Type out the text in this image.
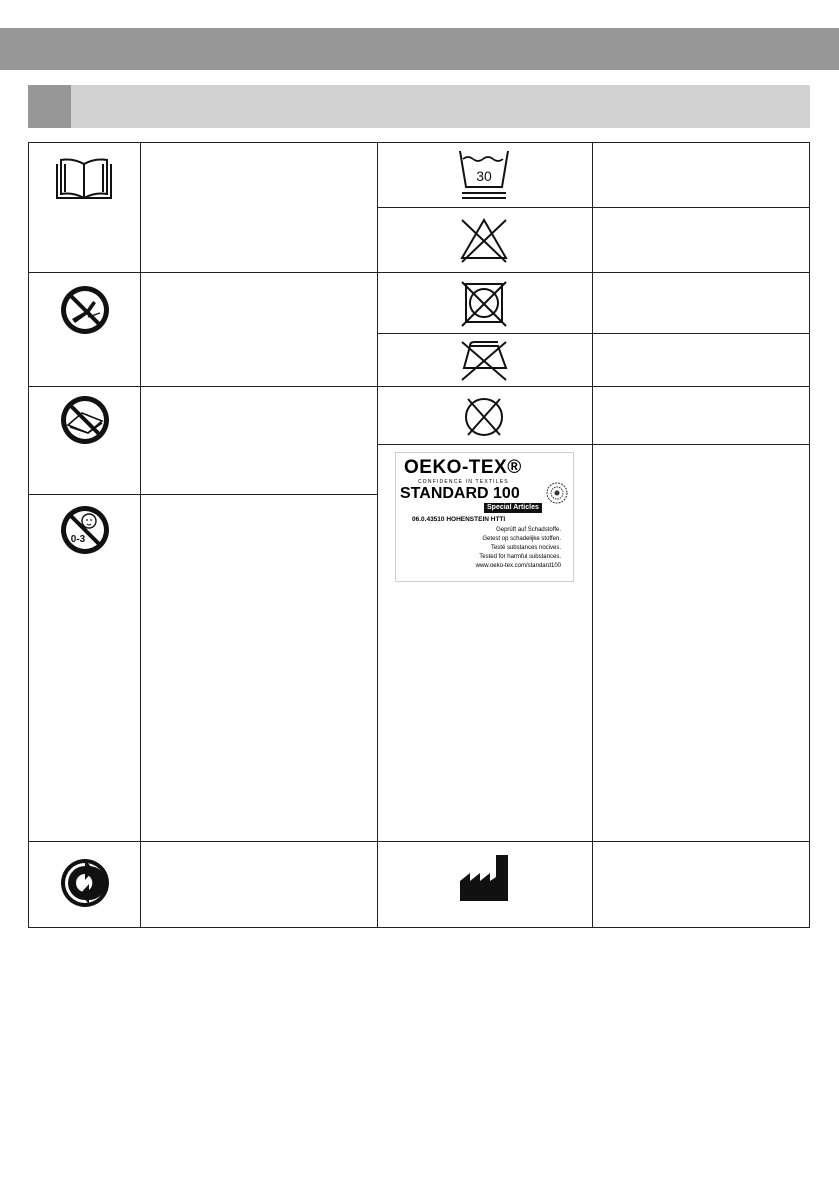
30
0-3
OEKO-TEX®
CONFIDENCE IN TEXTILES
STANDARD 100
Special Articles
06.0.43510 HOHENSTEIN HTTI
Geprüft auf Schadstoffe.
Getest op schadelijke stoffen.
Testé substances nocives.
Tested for harmful substances.
www.oeko-tex.com/standard100
